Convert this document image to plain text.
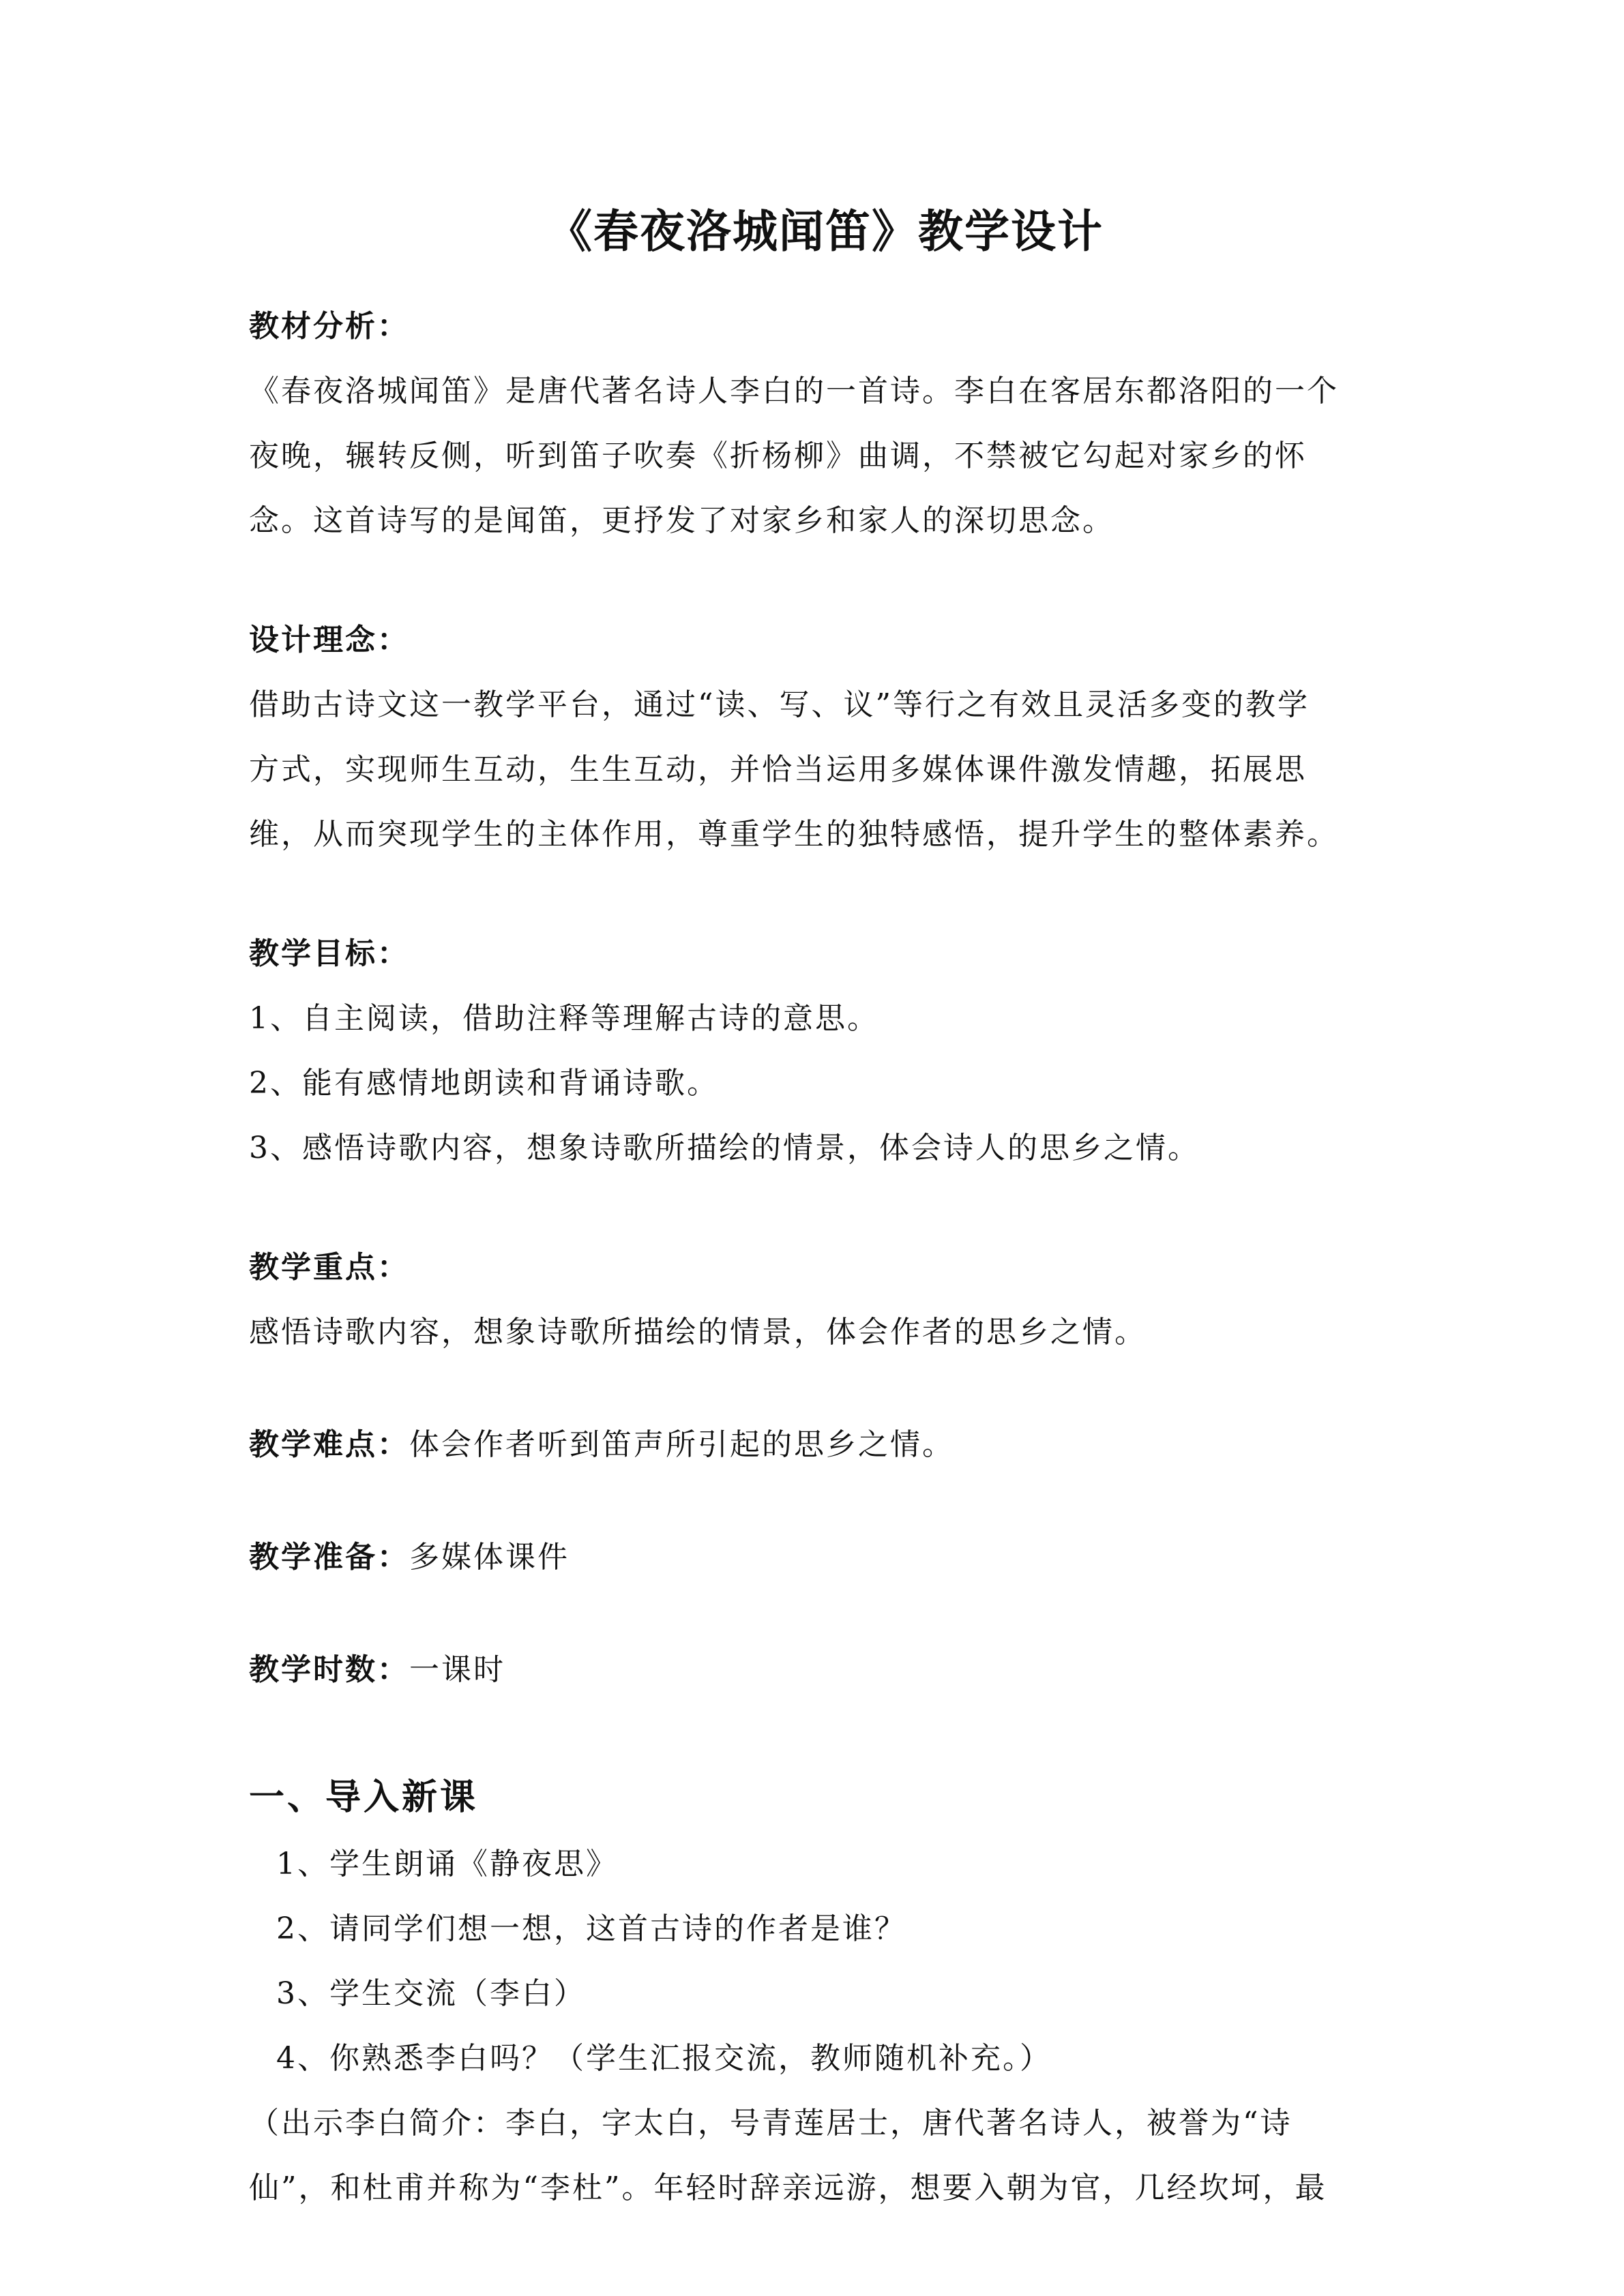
《春夜洛城闻笛》教学设计

教材分析：

《春夜洛城闻笛》是唐代著名诗人李白的一首诗。李白在客居东都洛阳的一个

夜晚，辗转反侧，听到笛子吹奏《折杨柳》曲调，不禁被它勾起对家乡的怀

念。这首诗写的是闻笛，更抒发了对家乡和家人的深切思念。

设计理念：

借助古诗文这一教学平台，通过“读、写、议”等行之有效且灵活多变的教学

方式，实现师生互动，生生互动，并恰当运用多媒体课件激发情趣，拓展思

维，从而突现学生的主体作用，尊重学生的独特感悟，提升学生的整体素养。

教学目标：

1、自主阅读，借助注释等理解古诗的意思。

2、能有感情地朗读和背诵诗歌。

3、感悟诗歌内容，想象诗歌所描绘的情景，体会诗人的思乡之情。

教学重点：

感悟诗歌内容，想象诗歌所描绘的情景，体会作者的思乡之情。

教学难点：体会作者听到笛声所引起的思乡之情。

教学准备：多媒体课件

教学时数：一课时

一、导入新课

1、学生朗诵《静夜思》

2、请同学们想一想，这首古诗的作者是谁？

3、学生交流（李白）

4、你熟悉李白吗？（学生汇报交流，教师随机补充。）

（出示李白简介：李白，字太白，号青莲居士，唐代著名诗人，被誉为“诗

仙”，和杜甫并称为“李杜”。年轻时辞亲远游，想要入朝为官，几经坎坷，最
